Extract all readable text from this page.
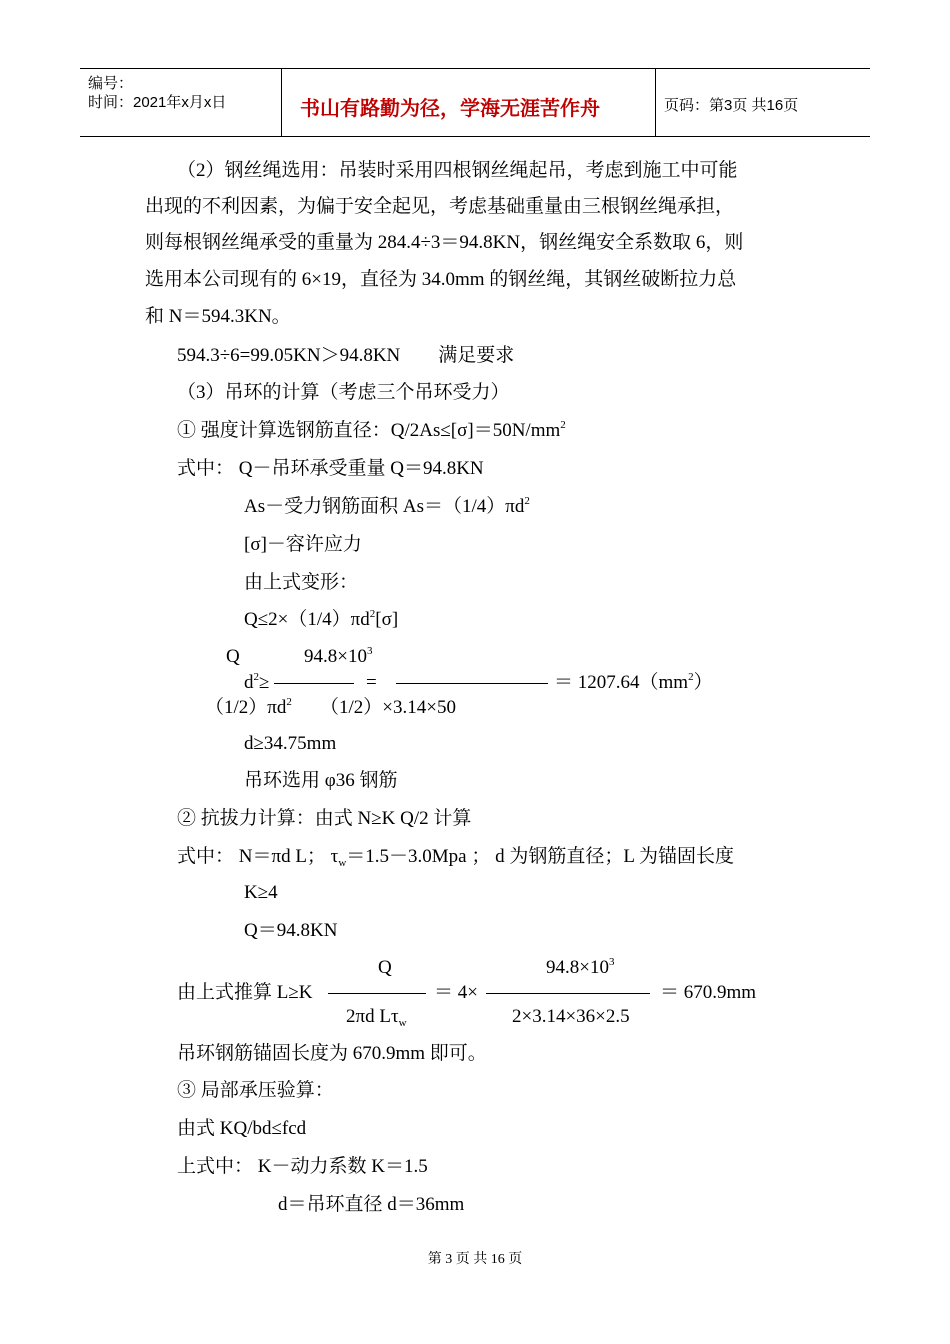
编号：
时间：2021年x月x日	书山有路勤为径，学海无涯苦作舟	页码：第3页 共16页
（2）钢丝绳选用：吊装时采用四根钢丝绳起吊，考虑到施工中可能
出现的不利因素，为偏于安全起见，考虑基础重量由三根钢丝绳承担，
则每根钢丝绳承受的重量为 284.4÷3＝94.8KN，钢丝绳安全系数取 6，则
选用本公司现有的 6×19，直径为 34.0mm 的钢丝绳，其钢丝破断拉力总
和 N＝594.3KN。
594.3÷6=99.05KN＞94.8KN　　满足要求
（3）吊环的计算（考虑三个吊环受力）
① 强度计算选钢筋直径：$Q/2As\le[\sigma]=50N/mm^2$
式中： Q－吊环承受重量 Q＝94.8KN
As－受力钢筋面积 $As=(1/4)\pi d^2$
[σ]－容许应力
由上式变形：
$Q\le 2\times(1/4)\pi d^2[\sigma]$
Q	$94.8\times 10^3$
$d^2\ge$	=	＝ $1207.64(mm^2)$
$(1/2)\pi d^2$ （1/2）×3.14×50
d≥34.75mm
吊环选用 φ36 钢筋
② 抗拔力计算：由式 N≥K Q/2 计算
式中： N＝πd L； $\tau_w=1.5-3.0Mpa$ ； d 为钢筋直径；L 为锚固长度
K≥4
Q＝94.8KN
Q	$94.8\times 10^3$
由上式推算 L≥K	＝ 4×	＝ 670.9mm
2πd $L\tau_w$	2×3.14×36×2.5
吊环钢筋锚固长度为 670.9mm 即可。
③ 局部承压验算：
由式 KQ/bd≤fcd
上式中： K－动力系数 K＝1.5
d＝吊环直径 d＝36mm
第 3 页 共 16 页
